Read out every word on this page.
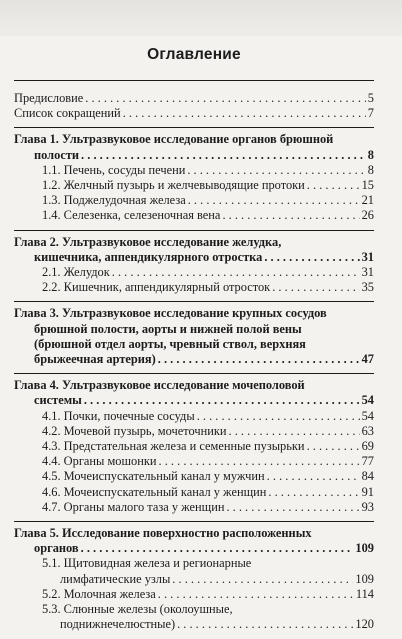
Оглавление
Предисловие . . .	5
Список сокращений . . .	7
Глава 1. Ультразвуковое исследование органов брюшной
полости . . .	8
1.1. Печень, сосуды печени . . .	8
1.2. Желчный пузырь и желчевыводящие протоки . . .	15
1.3. Поджелудочная железа . . .	21
1.4. Селезенка, селезеночная вена . . .	26
Глава 2. Ультразвуковое исследование желудка,
кишечника, аппендикулярного отростка . . .	31
2.1. Желудок . . .	31
2.2. Кишечник, аппендикулярный отросток . . .	35
Глава 3. Ультразвуковое исследование крупных сосудов
брюшной полости, аорты и нижней полой вены
(брюшной отдел аорты, чревный ствол, верхняя
брыжеечная артерия) . . .	47
Глава 4. Ультразвуковое исследование мочеполовой
системы . . .	54
4.1. Почки, почечные сосуды . . .	54
4.2. Мочевой пузырь, мочеточники . . .	63
4.3. Предстательная железа и семенные пузырьки . . .	69
4.4. Органы мошонки . . .	77
4.5. Мочеиспускательный канал у мужчин . . .	84
4.6. Мочеиспускательный канал у женщин . . .	91
4.7. Органы малого таза у женщин . . .	93
Глава 5. Исследование поверхностно расположенных
органов . . .	109
5.1. Щитовидная железа и регионарные
лимфатические узлы . . .	109
5.2. Молочная железа . . .	114
5.3. Слюнные железы (околоушные,
поднижнечелюстные) . . .	120
